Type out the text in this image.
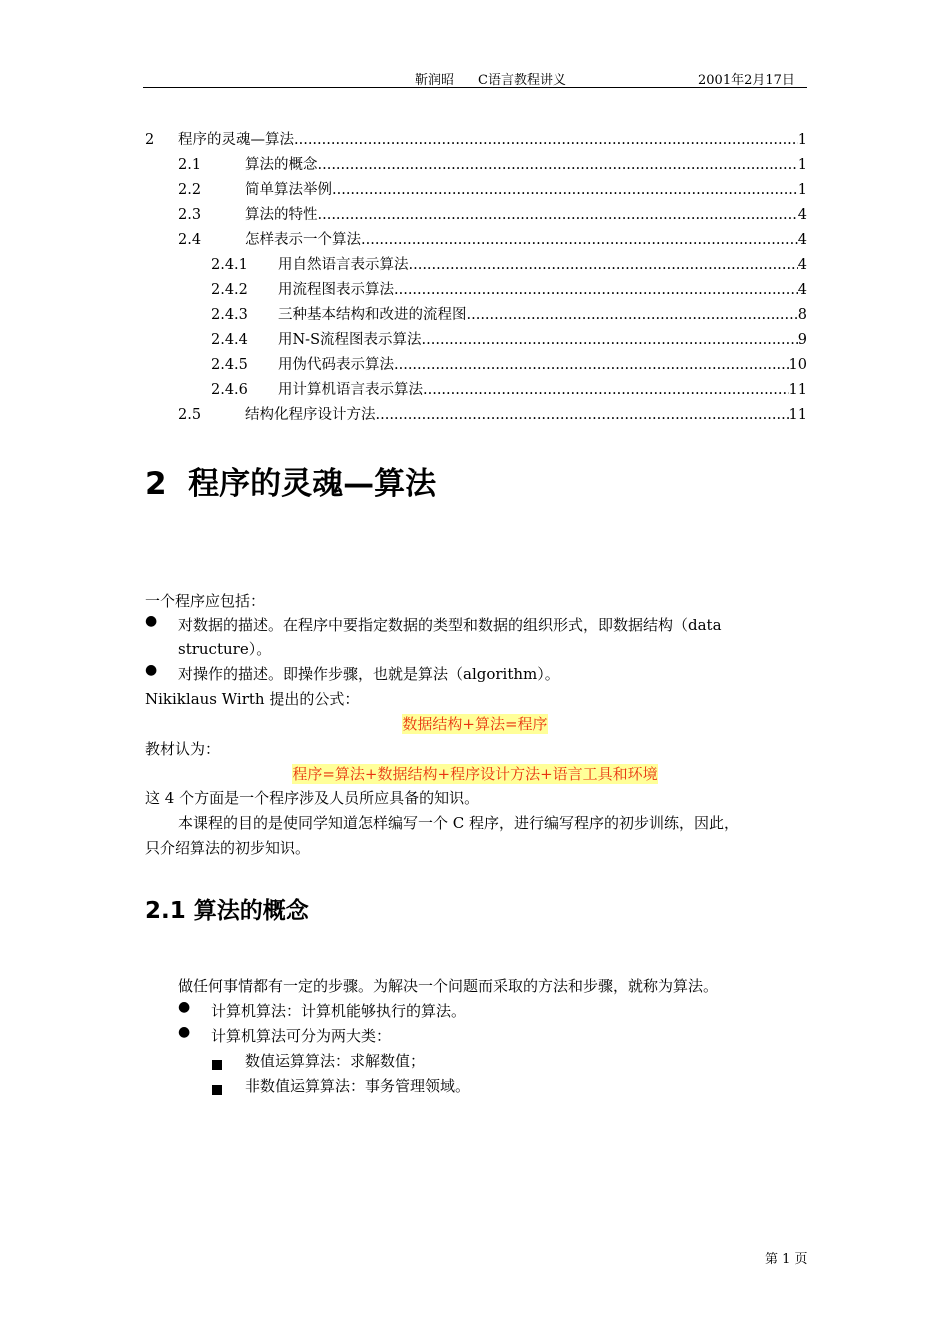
靳润昭 C语言教程讲义	2001年2月17日
2	程序的灵魂—算法 .....	1
2.1	算法的概念 .....	1
2.2	简单算法举例 .....	1
2.3	算法的特性 .....	4
2.4	怎样表示一个算法 .....	4
2.4.1	用自然语言表示算法 .....	4
2.4.2	用流程图表示算法 .....	4
2.4.3	三种基本结构和改进的流程图 .....	8
2.4.4	用N-S流程图表示算法 .....	9
2.4.5	用伪代码表示算法 .....	10
2.4.6	用计算机语言表示算法 .....	11
2.5	结构化程序设计方法 .....	11
2  程序的灵魂—算法
一个程序应包括：
● 对数据的描述。在程序中要指定数据的类型和数据的组织形式，即数据结构（data
structure）。
● 对操作的描述。即操作步骤，也就是算法（algorithm）。
Nikiklaus Wirth 提出的公式：
数据结构+算法=程序
教材认为：
程序=算法+数据结构+程序设计方法+语言工具和环境
这 4 个方面是一个程序涉及人员所应具备的知识。
本课程的目的是使同学知道怎样编写一个 C 程序，进行编写程序的初步训练，因此，
只介绍算法的初步知识。
2.1 算法的概念
做任何事情都有一定的步骤。为解决一个问题而采取的方法和步骤，就称为算法。
● 计算机算法：计算机能够执行的算法。
● 计算机算法可分为两大类：
数值运算算法：求解数值；
非数值运算算法：事务管理领域。
第 1 页
